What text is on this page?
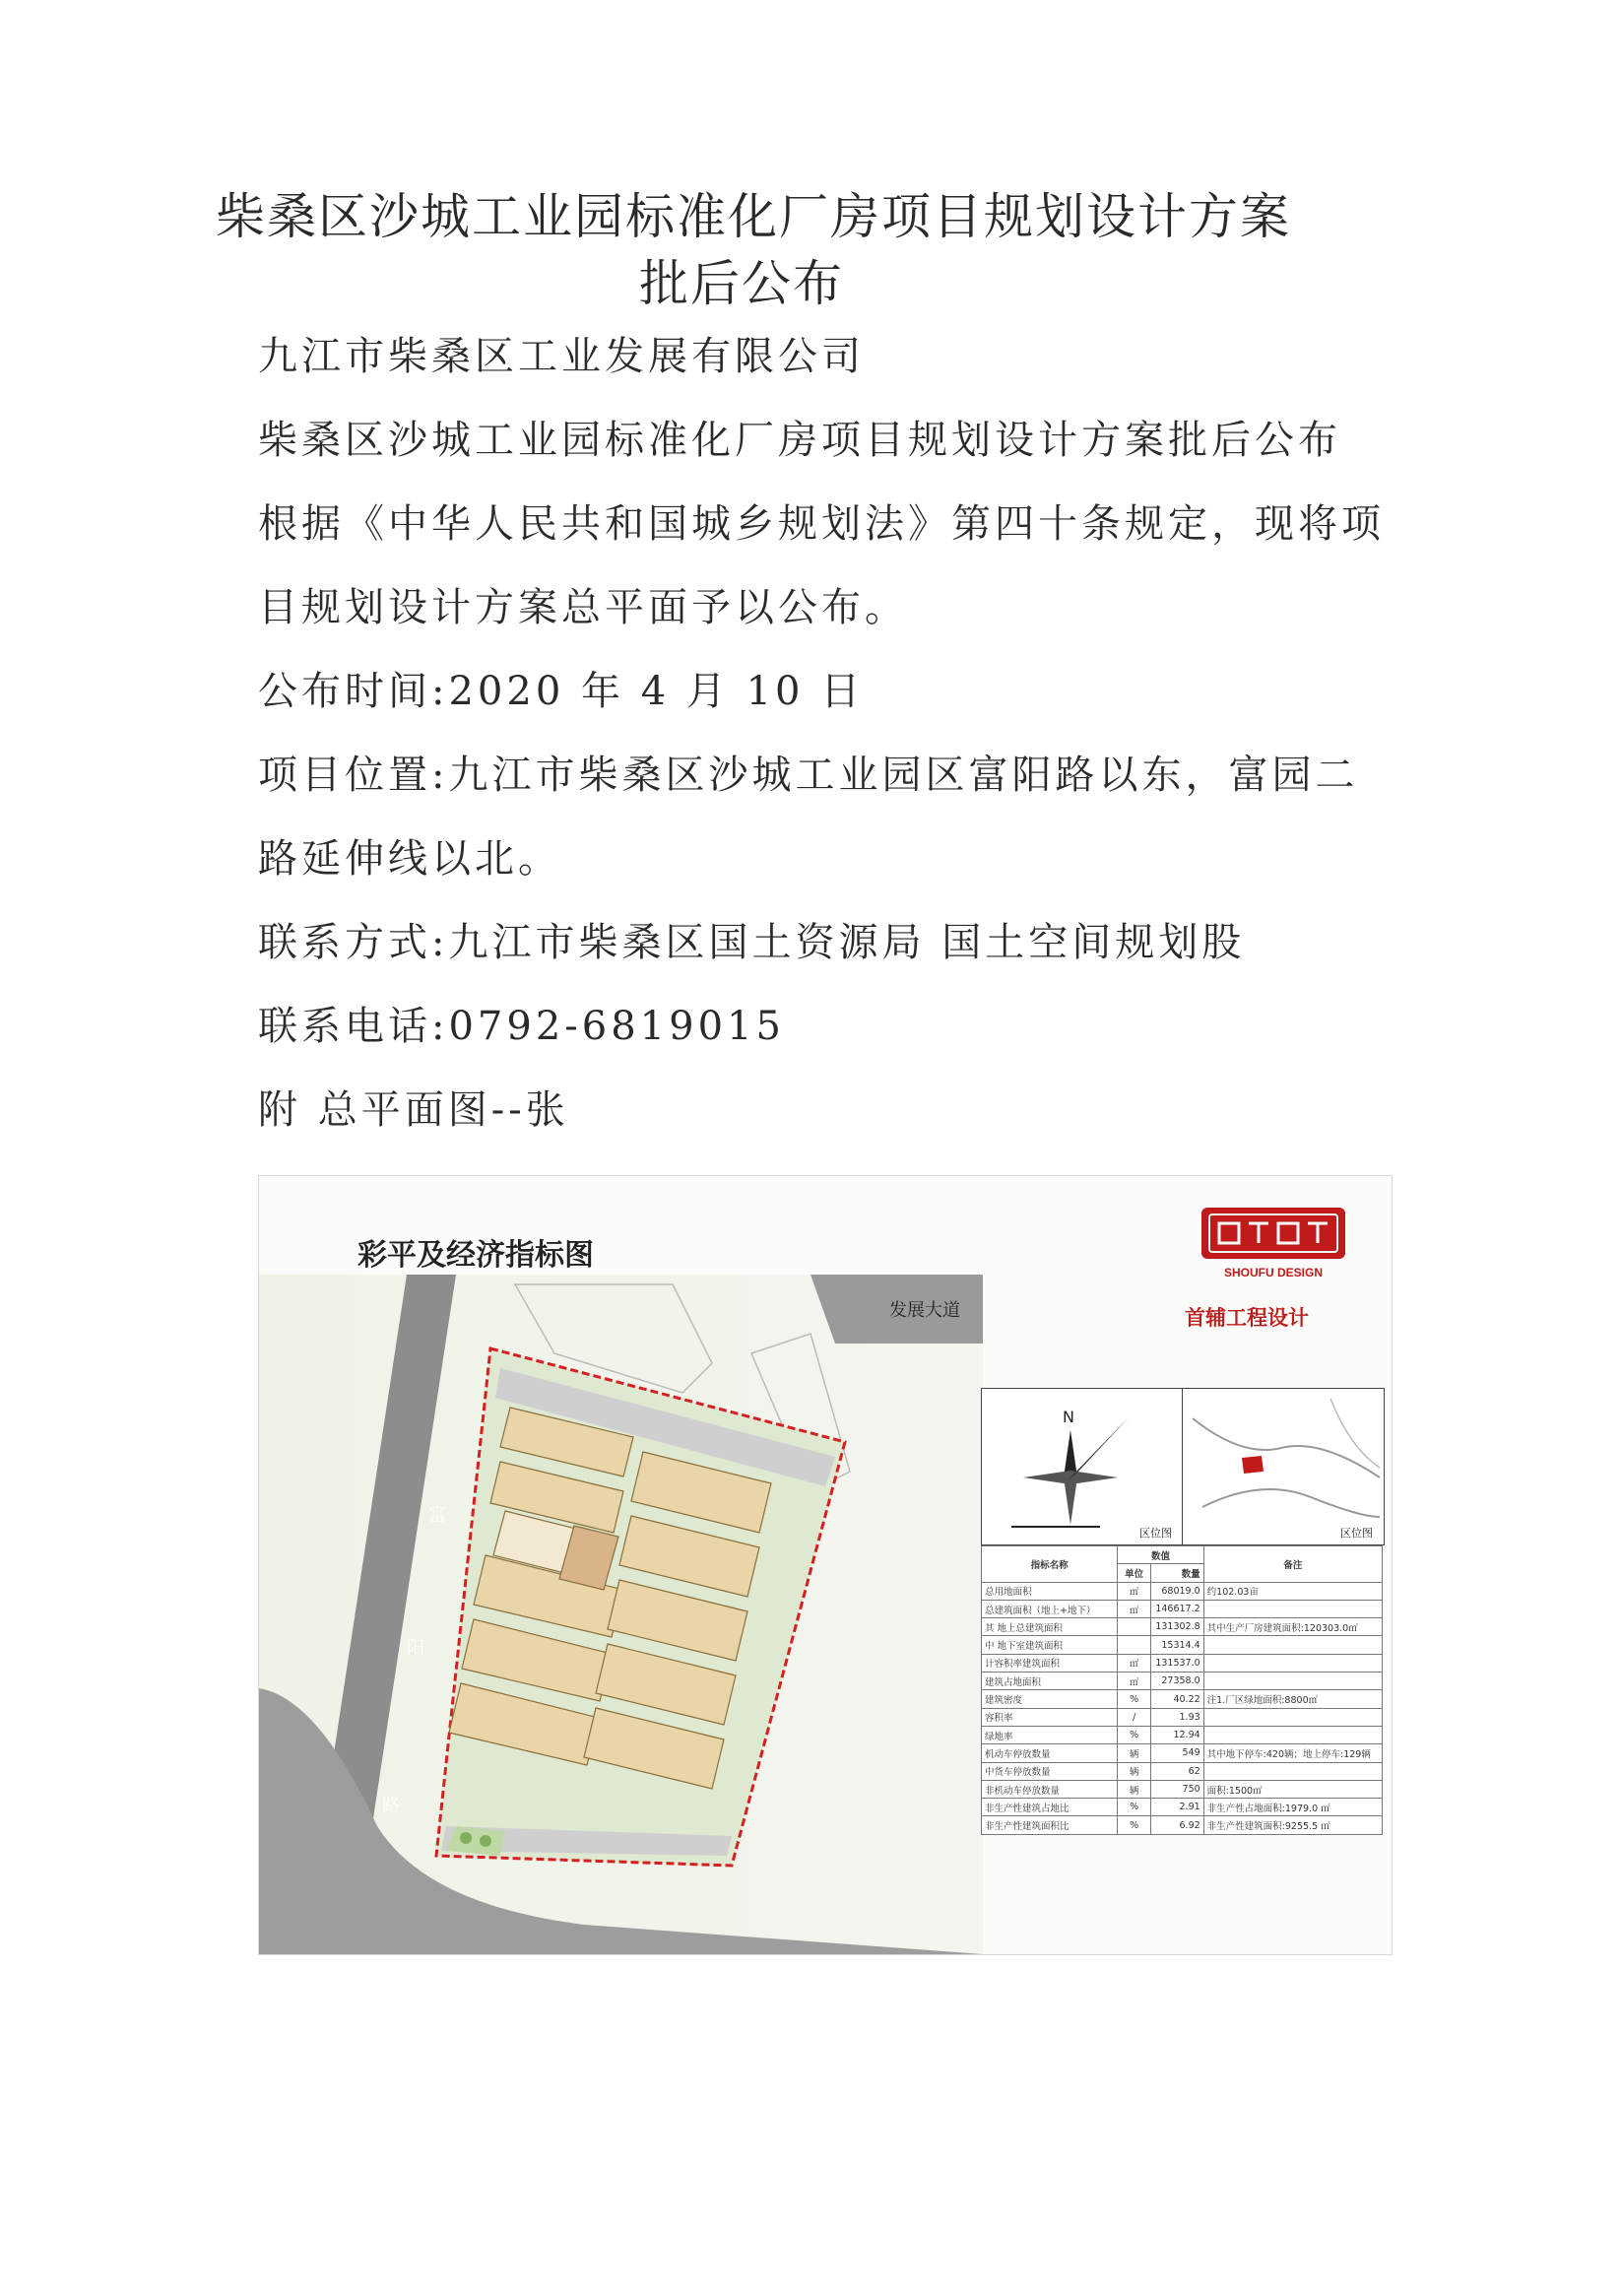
柴桑区沙城工业园标准化厂房项目规划设计方案
批后公布
九江市柴桑区工业发展有限公司
柴桑区沙城工业园标准化厂房项目规划设计方案批后公布
根据《中华人民共和国城乡规划法》第四十条规定，现将项
目规划设计方案总平面予以公布。
公布时间:2020 年 4 月 10 日
项目位置:九江市柴桑区沙城工业园区富阳路以东，富园二
路延伸线以北。
联系方式:九江市柴桑区国土资源局 国土空间规划股
联系电话:0792-6819015
附 总平面图--张
彩平及经济指标图	SHOUFU DESIGN
首辅工程设计
发展大道
富
阳
路
N
区位图	区位图
指标名称	数值		备注
	单位	数量	
总用地面积	㎡	68019.0	约102.03亩
总建筑面积（地上+地下）	㎡	146617.2	
其 地上总建筑面积		131302.8	其中生产厂房建筑面积:120303.0㎡
中 地下室建筑面积		15314.4	
计容积率建筑面积	㎡	131537.0	
建筑占地面积	㎡	27358.0	
建筑密度	%	40.22	注1.厂区绿地面积:8800㎡
容积率	/	1.93	
绿地率	%	12.94	
机动车停放数量	辆	549	其中地下停车:420辆；地上停车:129辆
中货车停放数量	辆	62	
非机动车停放数量	辆	750	面积:1500㎡
非生产性建筑占地比	%	2.91	非生产性占地面积:1979.0 ㎡
非生产性建筑面积比	%	6.92	非生产性建筑面积:9255.5 ㎡
